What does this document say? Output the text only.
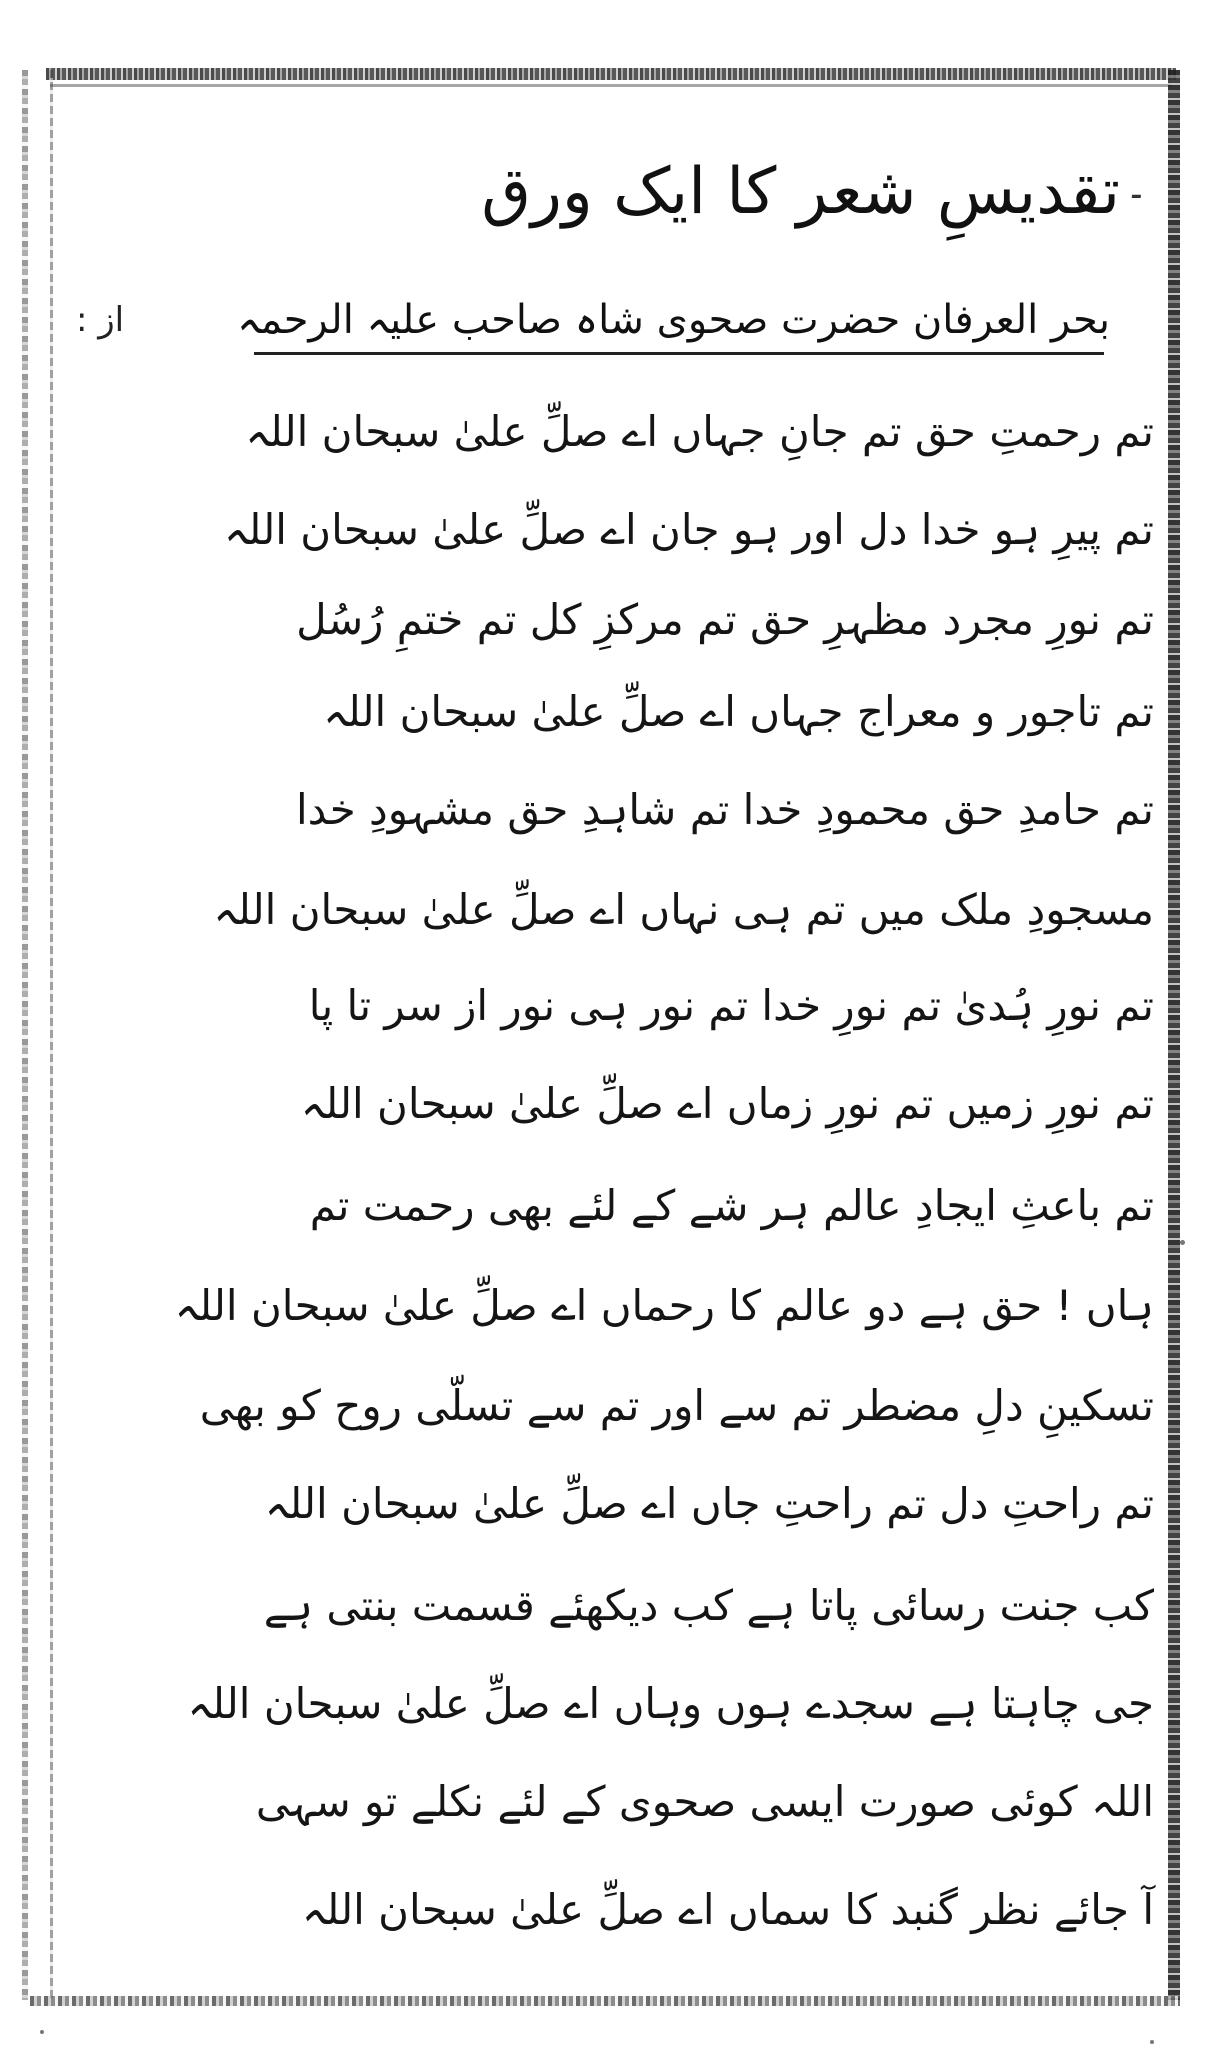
۔
تقدیسِ شعر کا ایک ورق
از :	بحر العرفان حضرت صحوی شاہ صاحب علیہ الرحمہ
تم رحمتِ حق تم جانِ جہاں اے صلِّ علیٰ سبحان اللہ
تم پیرِ ہو خدا دل اور ہو جان اے صلِّ علیٰ سبحان اللہ
تم نورِ مجرد مظہرِ حق تم مرکزِ کل تم ختمِ رُسُل
تم تاجور و معراج جہاں اے صلِّ علیٰ سبحان اللہ
تم حامدِ حق محمودِ خدا تم شاہدِ حق مشہودِ خدا
مسجودِ ملک میں تم ہی نہاں اے صلِّ علیٰ سبحان اللہ
تم نورِ ہُدیٰ تم نورِ خدا تم نور ہی نور از سر تا پا
تم نورِ زمیں تم نورِ زماں اے صلِّ علیٰ سبحان اللہ
تم باعثِ ایجادِ عالم ہر شے کے لئے بھی رحمت تم
ہاں ! حق ہے دو عالم کا رحماں اے صلِّ علیٰ سبحان اللہ
تسکینِ دلِ مضطر تم سے اور تم سے تسلّی روح کو بھی
تم راحتِ دل تم راحتِ جاں اے صلِّ علیٰ سبحان اللہ
کب جنت رسائی پاتا ہے کب دیکھئے قسمت بنتی ہے
جی چاہتا ہے سجدے ہوں وہاں اے صلِّ علیٰ سبحان اللہ
اللہ کوئی صورت ایسی صحوی کے لئے نکلے تو سہی
آ جائے نظر گنبد کا سماں اے صلِّ علیٰ سبحان اللہ
